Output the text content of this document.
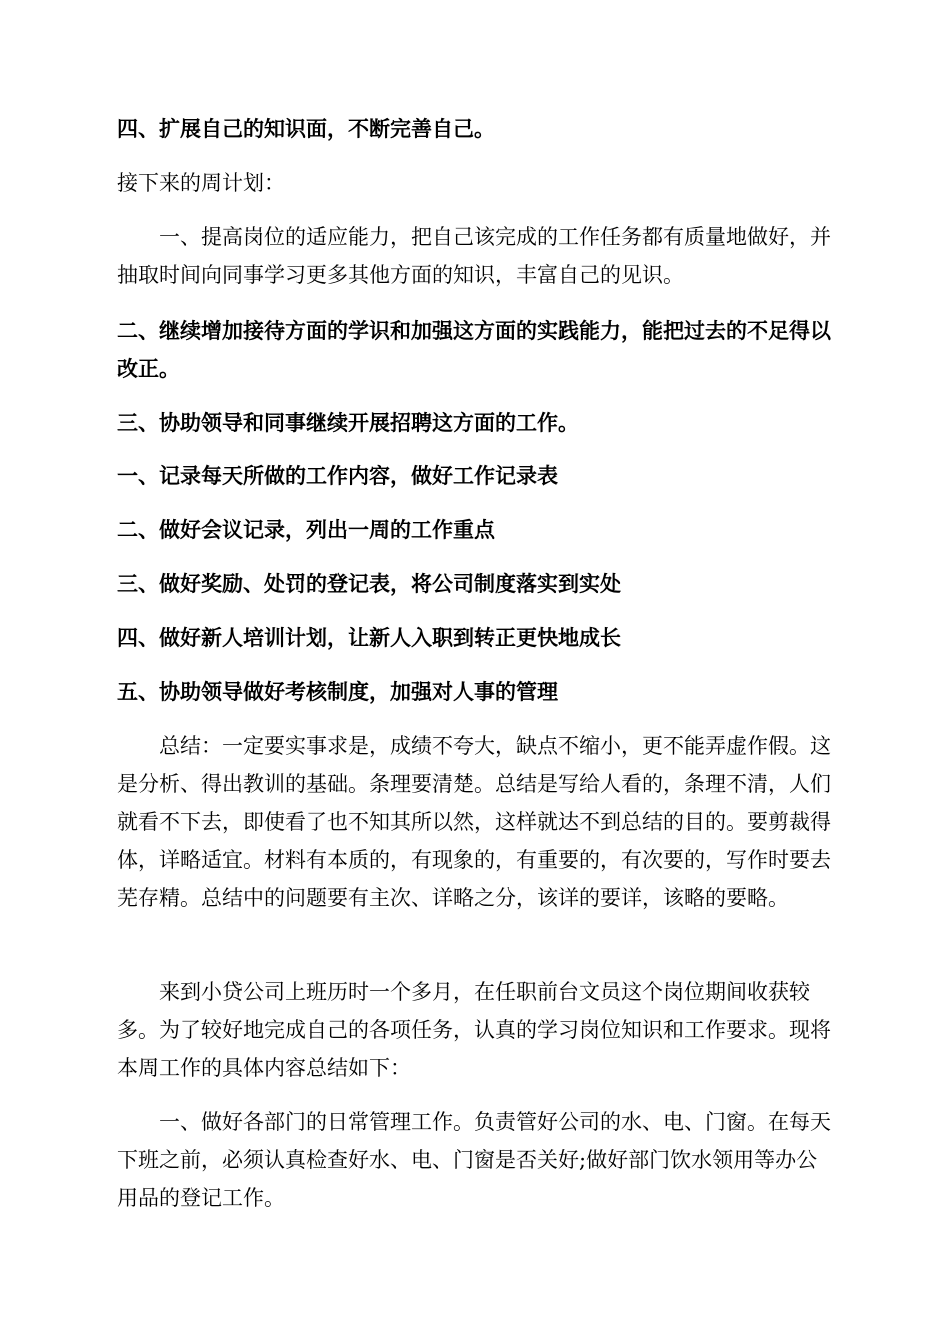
四、扩展自己的知识面，不断完善自己。

接下来的周计划：

一、提高岗位的适应能力，把自己该完成的工作任务都有质量地做好，并抽取时间向同事学习更多其他方面的知识，丰富自己的见识。

二、继续增加接待方面的学识和加强这方面的实践能力，能把过去的不足得以改正。

三、协助领导和同事继续开展招聘这方面的工作。

一、记录每天所做的工作内容，做好工作记录表

二、做好会议记录，列出一周的工作重点

三、做好奖励、处罚的登记表，将公司制度落实到实处

四、做好新人培训计划，让新人入职到转正更快地成长

五、协助领导做好考核制度，加强对人事的管理

总结：一定要实事求是，成绩不夸大，缺点不缩小，更不能弄虚作假。这是分析、得出教训的基础。条理要清楚。总结是写给人看的，条理不清，人们就看不下去，即使看了也不知其所以然，这样就达不到总结的目的。要剪裁得体，详略适宜。材料有本质的，有现象的，有重要的，有次要的，写作时要去芜存精。总结中的问题要有主次、详略之分，该详的要详，该略的要略。

来到小贷公司上班历时一个多月，在任职前台文员这个岗位期间收获较多。为了较好地完成自己的各项任务，认真的学习岗位知识和工作要求。现将本周工作的具体内容总结如下：

一、做好各部门的日常管理工作。负责管好公司的水、电、门窗。在每天下班之前，必须认真检查好水、电、门窗是否关好;做好部门饮水领用等办公用品的登记工作。
